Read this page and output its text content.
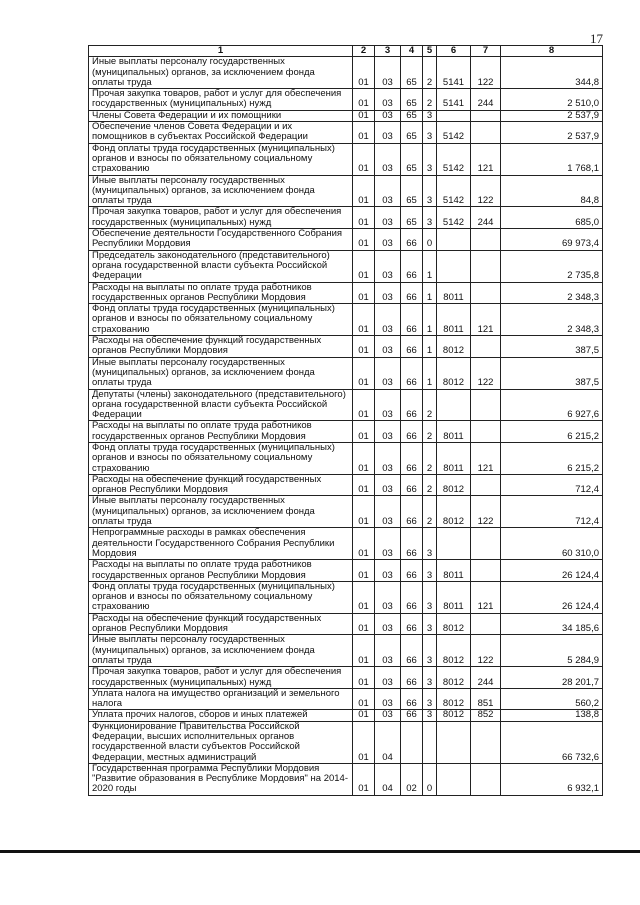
17
1	2	3	4	5	6	7	8
Иные выплаты персоналу государственных (муниципальных) органов, за исключением фонда оплаты труда	01	03	65	2	5141	122	344,8
Прочая закупка товаров, работ и услуг для обеспечения государственных (муниципальных) нужд	01	03	65	2	5141	244	2 510,0
Члены Совета Федерации и их помощники	01	03	65	3			2 537,9
Обеспечение членов Совета Федерации и их помощников в субъектах Российской Федерации	01	03	65	3	5142		2 537,9
Фонд оплаты труда государственных (муниципальных) органов и взносы по обязательному социальному страхованию	01	03	65	3	5142	121	1 768,1
Иные выплаты персоналу государственных (муниципальных) органов, за исключением фонда оплаты труда	01	03	65	3	5142	122	84,8
Прочая закупка товаров, работ и услуг для обеспечения государственных (муниципальных) нужд	01	03	65	3	5142	244	685,0
Обеспечение деятельности Государственного Собрания Республики Мордовия	01	03	66	0			69 973,4
Председатель законодательного (представительного) органа государственной власти субъекта Российской Федерации	01	03	66	1			2 735,8
Расходы на выплаты по оплате труда работников государственных органов Республики Мордовия	01	03	66	1	8011		2 348,3
Фонд оплаты труда государственных (муниципальных) органов и взносы по обязательному социальному страхованию	01	03	66	1	8011	121	2 348,3
Расходы на обеспечение функций государственных органов Республики Мордовия	01	03	66	1	8012		387,5
Иные выплаты персоналу государственных (муниципальных) органов, за исключением фонда оплаты труда	01	03	66	1	8012	122	387,5
Депутаты (члены) законодательного (представительного) органа государственной власти субъекта Российской Федерации	01	03	66	2			6 927,6
Расходы на выплаты по оплате труда работников государственных органов Республики Мордовия	01	03	66	2	8011		6 215,2
Фонд оплаты труда государственных (муниципальных) органов и взносы по обязательному социальному страхованию	01	03	66	2	8011	121	6 215,2
Расходы на обеспечение функций государственных органов Республики Мордовия	01	03	66	2	8012		712,4
Иные выплаты персоналу государственных (муниципальных) органов, за исключением фонда оплаты труда	01	03	66	2	8012	122	712,4
Непрограммные расходы в рамках обеспечения деятельности Государственного Собрания Республики Мордовия	01	03	66	3			60 310,0
Расходы на выплаты по оплате труда работников государственных органов Республики Мордовия	01	03	66	3	8011		26 124,4
Фонд оплаты труда государственных (муниципальных) органов и взносы по обязательному социальному страхованию	01	03	66	3	8011	121	26 124,4
Расходы на обеспечение функций государственных органов Республики Мордовия	01	03	66	3	8012		34 185,6
Иные выплаты персоналу государственных (муниципальных) органов, за исключением фонда оплаты труда	01	03	66	3	8012	122	5 284,9
Прочая закупка товаров, работ и услуг для обеспечения государственных (муниципальных) нужд	01	03	66	3	8012	244	28 201,7
Уплата налога на имущество организаций и земельного налога	01	03	66	3	8012	851	560,2
Уплата прочих налогов, сборов и иных платежей	01	03	66	3	8012	852	138,8
Функционирование Правительства Российской Федерации, высших исполнительных органов государственной власти субъектов Российской Федерации, местных администраций	01	04					66 732,6
Государственная программа Республики Мордовия "Развитие образования в Республике Мордовия" на 2014-2020 годы	01	04	02	0			6 932,1
